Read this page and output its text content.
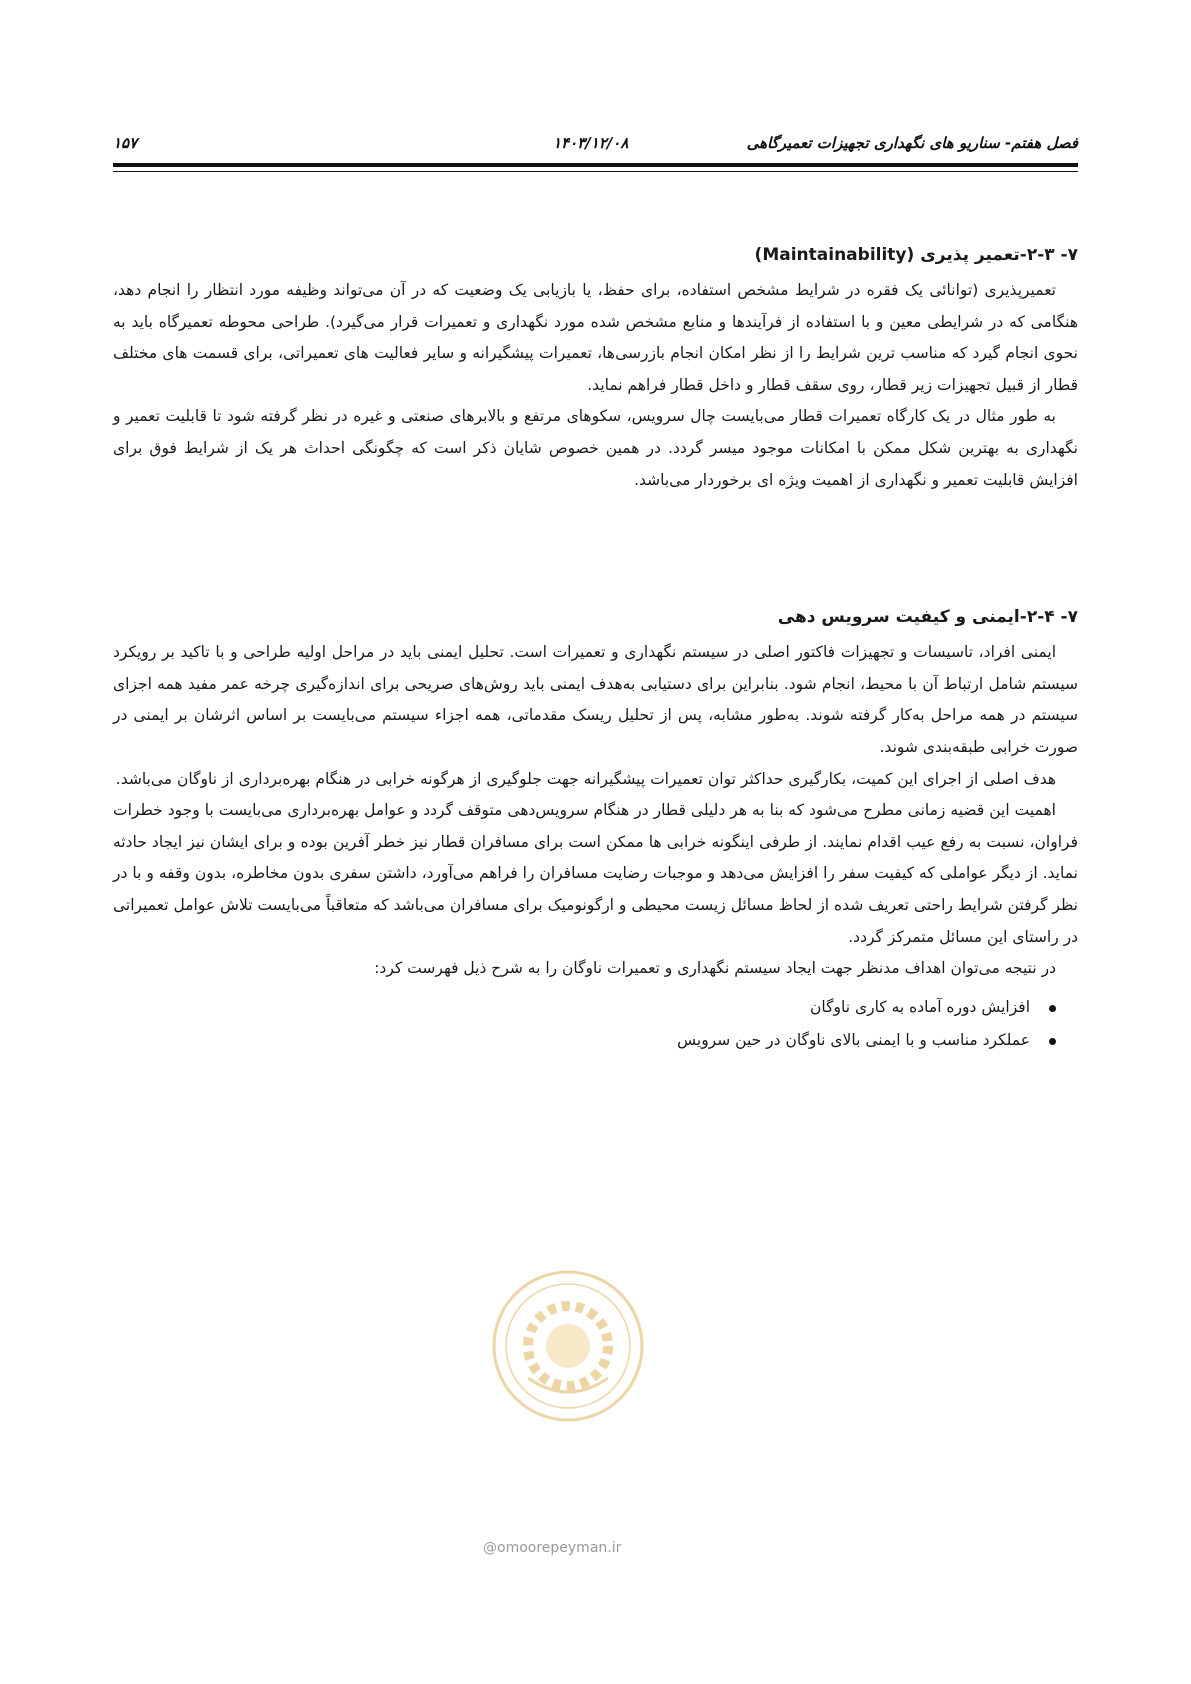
فصل هفتم- سناریو های نگهداری تجهیزات تعمیرگاهی
۱۴۰۳/۱۲/۰۸
۱۵۷
۷- ۲-۳-تعمیر پذیری (Maintainability)

تعمیرپذیری (توانائی یک فقره در شرایط مشخص استفاده، برای حفظ، یا بازیابی یک وضعیت که در آن می‌تواند وظیفه مورد انتظار را انجام دهد، هنگامی که در شرایطی معین و با استفاده از فرآیندها و منابع مشخص شده مورد نگهداری و تعمیرات قرار می‌گیرد). طراحی محوطه تعمیرگاه باید به نحوی انجام گیرد که مناسب ترین شرایط را از نظر امکان انجام بازرسی‌ها، تعمیرات پیشگیرانه و سایر فعالیت های تعمیراتی، برای قسمت های مختلف قطار از قبیل تجهیزات زیر قطار، روی سقف قطار و داخل قطار فراهم نماید.

به طور مثال در یک کارگاه تعمیرات قطار می‌بایست چال سرویس، سکوهای مرتفع و بالابرهای صنعتی و غیره در نظر گرفته شود تا قابلیت تعمیر و نگهداری به بهترین شکل ممکن با امکانات موجود میسر گردد. در همین خصوص شایان ذکر است که چگونگی احداث هر یک از شرایط فوق برای افزایش قابلیت تعمیر و نگهداری از اهمیت ویژه ای برخوردار می‌باشد.

۷- ۲-۴-ایمنی و کیفیت سرویس دهی

ایمنی افراد، تاسیسات و تجهیزات فاکتور اصلی در سیستم نگهداری و تعمیرات است. تحلیل ایمنی باید در مراحل اولیه طراحی و با تاکید بر رویکرد سیستم شامل ارتباط آن با محیط، انجام شود. بنابراین برای دستیابی به‌هدف ایمنی باید روش‌های صریحی برای اندازه‌گیری چرخه عمر مفید همه اجزای سیستم در همه مراحل به‌کار گرفته شوند. به‌طور مشابه، پس از تحلیل ریسک مقدماتی، همه اجزاء سیستم می‌بایست بر اساس اثرشان بر ایمنی در صورت خرابی طبقه‌بندی شوند.

هدف اصلی از اجرای این کمیت، بکارگیری حداکثر توان تعمیرات پیشگیرانه جهت جلوگیری از هرگونه خرابی در هنگام بهره‌برداری از ناوگان می‌باشد.

اهمیت این قضیه زمانی مطرح می‌شود که بنا به هر دلیلی قطار در هنگام سرویس‌دهی متوقف گردد و عوامل بهره‌برداری می‌بایست با وجود خطرات فراوان، نسبت به رفع عیب اقدام نمایند. از طرفی اینگونه خرابی ها ممکن است برای مسافران قطار نیز خطر آفرین بوده و برای ایشان نیز ایجاد حادثه نماید. از دیگر عواملی که کیفیت سفر را افزایش می‌دهد و موجبات رضایت مسافران را فراهم می‌آورد، داشتن سفری بدون مخاطره، بدون وقفه و با در نظر گرفتن شرایط راحتی تعریف شده از لحاظ مسائل زیست محیطی و ارگونومیک برای مسافران می‌باشد که متعاقباً می‌بایست تلاش عوامل تعمیراتی در راستای این مسائل متمرکز گردد.

در نتیجه می‌توان اهداف مدنظر جهت ایجاد سیستم نگهداری و تعمیرات ناوگان را به شرح ذیل فهرست کرد:

افزایش دوره آماده به کاری ناوگان
عملکرد مناسب و با ایمنی بالای ناوگان در حین سرویس
@omoorepeyman.ir
